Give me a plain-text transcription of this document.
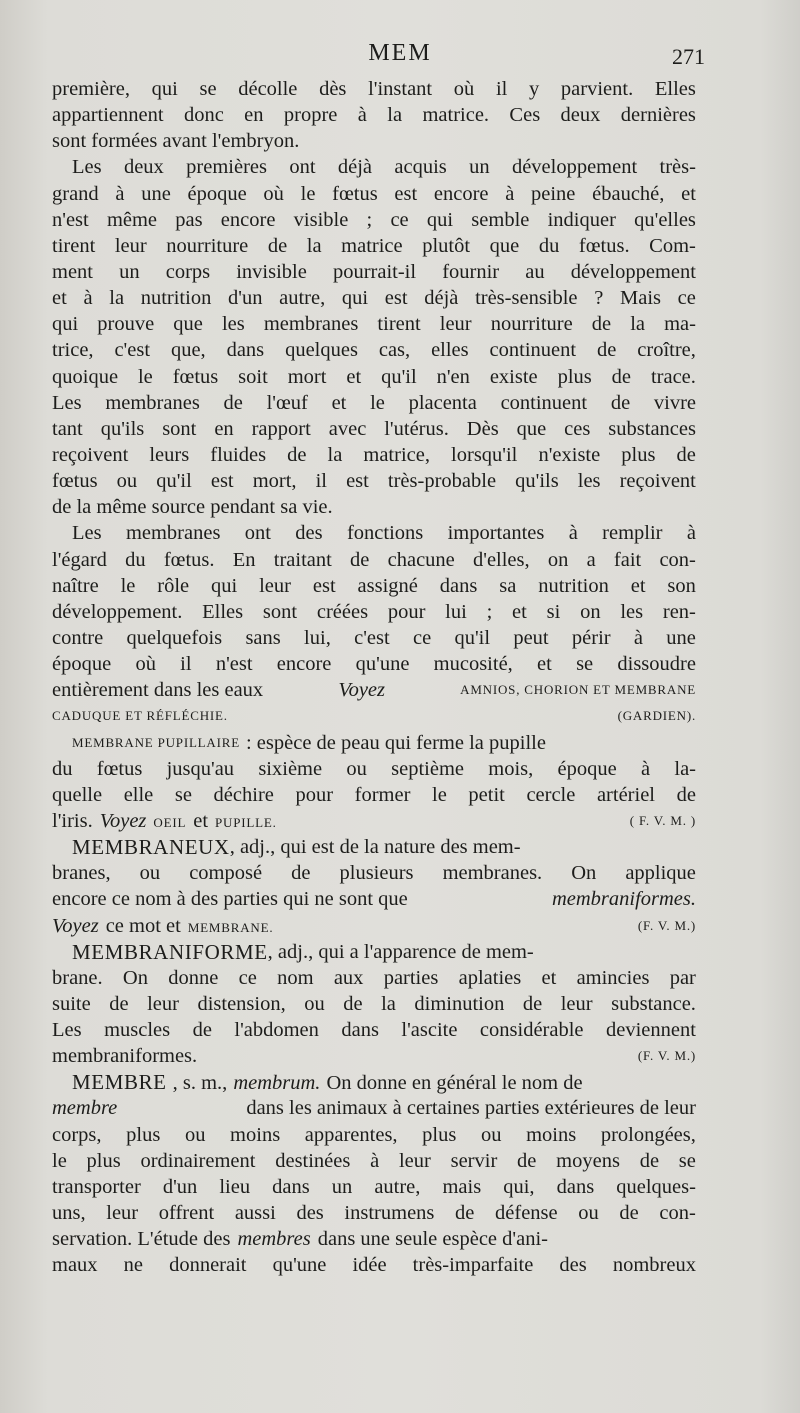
MEM	271
première, qui se décolle dès l'instant où il y parvient. Elles
appartiennent donc en propre à la matrice. Ces deux dernières
sont formées avant l'embryon.
Les deux premières ont déjà acquis un développement très-
grand à une époque où le fœtus est encore à peine ébauché, et
n'est même pas encore visible ; ce qui semble indiquer qu'elles
tirent leur nourriture de la matrice plutôt que du fœtus. Com-
ment un corps invisible pourrait-il fournir au développement
et à la nutrition d'un autre, qui est déjà très-sensible ? Mais ce
qui prouve que les membranes tirent leur nourriture de la ma-
trice, c'est que, dans quelques cas, elles continuent de croître,
quoique le fœtus soit mort et qu'il n'en existe plus de trace.
Les membranes de l'œuf et le placenta continuent de vivre
tant qu'ils sont en rapport avec l'utérus. Dès que ces substances
reçoivent leurs fluides de la matrice, lorsqu'il n'existe plus de
fœtus ou qu'il est mort, il est très-probable qu'ils les reçoivent
de la même source pendant sa vie.
Les membranes ont des fonctions importantes à remplir à
l'égard du fœtus. En traitant de chacune d'elles, on a fait con-
naître le rôle qui leur est assigné dans sa nutrition et son
développement. Elles sont créées pour lui ; et si on les ren-
contre quelquefois sans lui, c'est ce qu'il peut périr à une
époque où il n'est encore qu'une mucosité, et se dissoudre
entièrement dans les eaux	Voyez	AMNIOS, CHORION ET MEMBRANE
CADUQUE ET RÉFLÉCHIE.	(GARDIEN).
MEMBRANE PUPILLAIRE : espèce de peau qui ferme la pupille
du fœtus jusqu'au sixième ou septième mois, époque à la-
quelle elle se déchire pour former le petit cercle artériel de
l'iris. Voyez OEIL et PUPILLE.	( F. V. M. )
MEMBRANEUX , adj., qui est de la nature des mem-
branes, ou composé de plusieurs membranes. On applique
encore ce nom à des parties qui ne sont que	membraniformes.
Voyez ce mot et MEMBRANE.	(F. V. M.)
MEMBRANIFORME , adj., qui a l'apparence de mem-
brane. On donne ce nom aux parties aplaties et amincies par
suite de leur distension, ou de la diminution de leur substance.
Les muscles de l'abdomen dans l'ascite considérable deviennent
membraniformes.	(F. V. M.)
MEMBRE , s. m., membrum. On donne en général le nom de
membre	dans les animaux à certaines parties extérieures de leur
corps, plus ou moins apparentes, plus ou moins prolongées,
le plus ordinairement destinées à leur servir de moyens de se
transporter d'un lieu dans un autre, mais qui, dans quelques-
uns, leur offrent aussi des instrumens de défense ou de con-
servation. L'étude des membres dans une seule espèce d'ani-
maux ne donnerait qu'une idée très-imparfaite des nombreux
